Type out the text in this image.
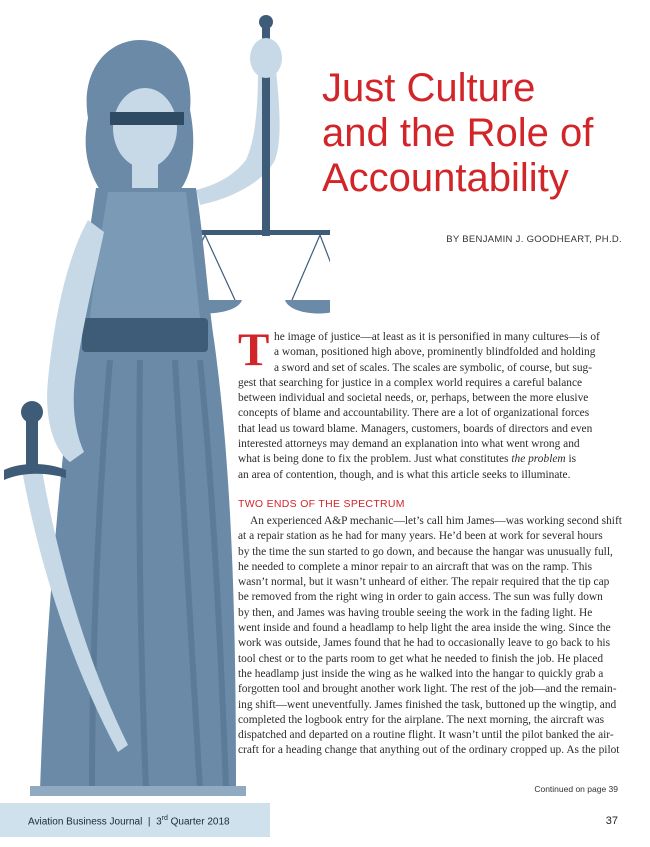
Just Culture
and the Role of
Accountability
BY BENJAMIN J. GOODHEART, PH.D.
T he image of justice—at least as it is personified in many cultures—is of
a woman, positioned high above, prominently blindfolded and holding
a sword and set of scales. The scales are symbolic, of course, but sug-
gest that searching for justice in a complex world requires a careful balance
between individual and societal needs, or, perhaps, between the more elusive
concepts of blame and accountability. There are a lot of organizational forces
that lead us toward blame. Managers, customers, boards of directors and even
interested attorneys may demand an explanation into what went wrong and
what is being done to fix the problem. Just what constitutes the problem is
an area of contention, though, and is what this article seeks to illuminate.
TWO ENDS OF THE SPECTRUM
An experienced A&P mechanic—let’s call him James—was working second shift
at a repair station as he had for many years. He’d been at work for several hours
by the time the sun started to go down, and because the hangar was unusually full,
he needed to complete a minor repair to an aircraft that was on the ramp. This
wasn’t normal, but it wasn’t unheard of either. The repair required that the tip cap
be removed from the right wing in order to gain access. The sun was fully down
by then, and James was having trouble seeing the work in the fading light. He
went inside and found a headlamp to help light the area inside the wing. Since the
work was outside, James found that he had to occasionally leave to go back to his
tool chest or to the parts room to get what he needed to finish the job. He placed
the headlamp just inside the wing as he walked into the hangar to quickly grab a
forgotten tool and brought another work light. The rest of the job—and the remain-
ing shift—went uneventfully. James finished the task, buttoned up the wingtip, and
completed the logbook entry for the airplane. The next morning, the aircraft was
dispatched and departed on a routine flight. It wasn’t until the pilot banked the air-
craft for a heading change that anything out of the ordinary cropped up. As the pilot
Continued on page 39
Aviation Business Journal | 3rd Quarter 2018	37
